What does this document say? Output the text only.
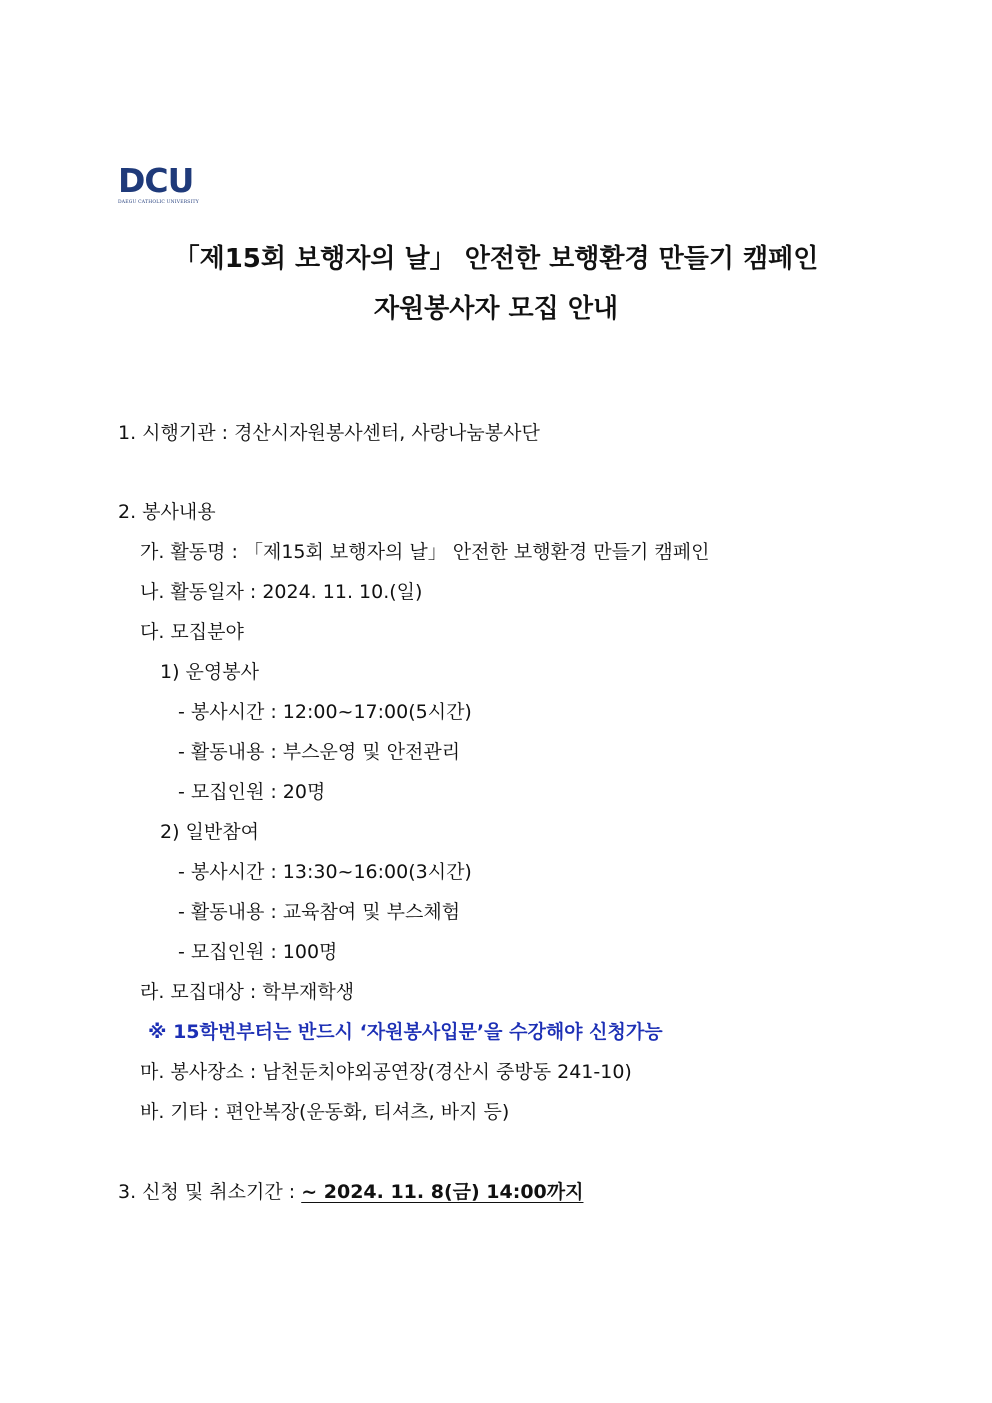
DCU
DAEGU CATHOLIC UNIVERSITY
「제15회 보행자의 날」 안전한 보행환경 만들기 캠페인
자원봉사자 모집 안내
1. 시행기관 : 경산시자원봉사센터, 사랑나눔봉사단
2. 봉사내용
가. 활동명 : 「제15회 보행자의 날」 안전한 보행환경 만들기 캠페인
나. 활동일자 : 2024. 11. 10.(일)
다. 모집분야
1) 운영봉사
- 봉사시간 : 12:00~17:00(5시간)
- 활동내용 : 부스운영 및 안전관리
- 모집인원 : 20명
2) 일반참여
- 봉사시간 : 13:30~16:00(3시간)
- 활동내용 : 교육참여 및 부스체험
- 모집인원 : 100명
라. 모집대상 : 학부재학생
※ 15학번부터는 반드시 ‘자원봉사입문’을 수강해야 신청가능
마. 봉사장소 : 남천둔치야외공연장(경산시 중방동 241-10)
바. 기타 : 편안복장(운동화, 티셔츠, 바지 등)
3. 신청 및 취소기간 : ~ 2024. 11. 8(금) 14:00까지
